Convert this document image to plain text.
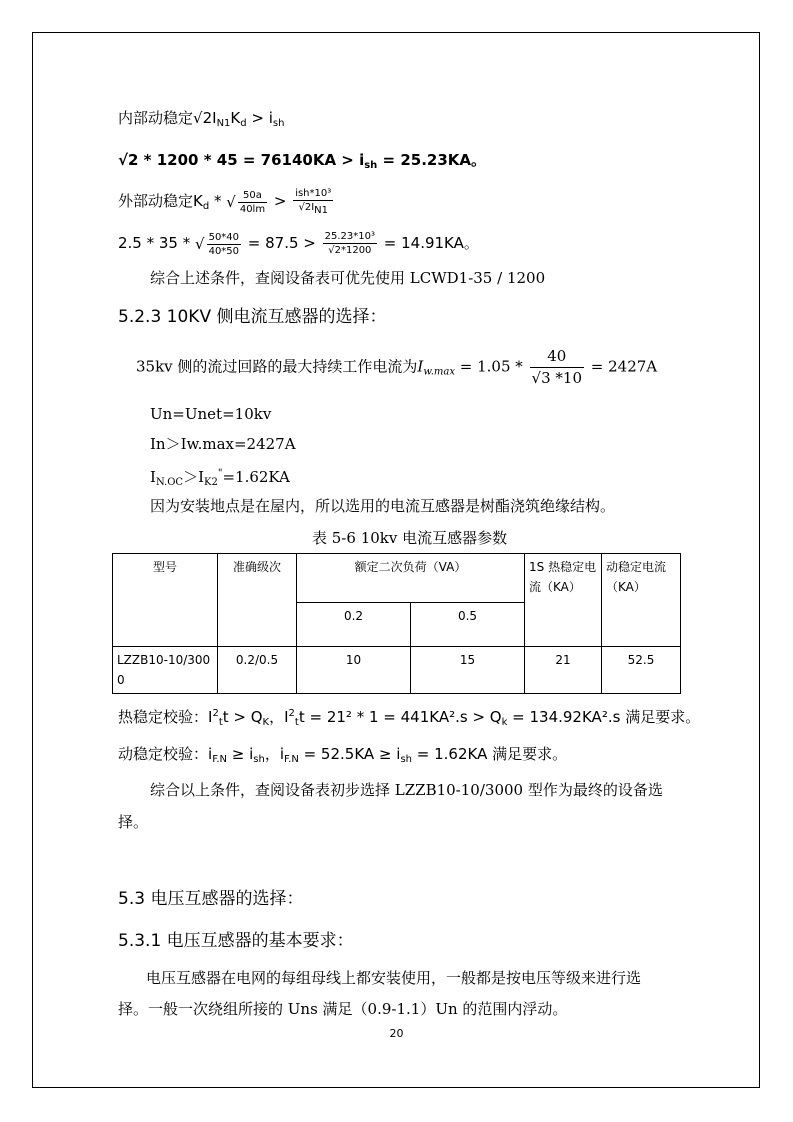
内部动稳定$√2I_{N1}K_d > i_{sh}$
$√2 * 1200 * 45 = 76140KA > i_{sh} = 25.23KA$。
外部动稳定$K_d$ * √ $\frac{50a}{40lm} > \frac{\text{ish*10³}}{√2I_{N1}}$
2.5 * 35 * √ $\frac{50*40}{40*50} = 87.5 > \frac{\text{25.23*10³}}{√2*1200} = 14.91KA$。
综合上述条件，查阅设备表可优先使用 LCWD1-35 / 1200
5.2.3 10KV 侧电流互感器的选择：
35kv 侧的流过回路的最大持续工作电流为$I_{w.max} = 1.05 * \frac{40}{√3 *10} = 2427A$
Un=Unet=10kv
In＞Iw.max=2427A
$I_{N.OC}>I_{K2}^"=1.62KA$
因为安装地点是在屋内，所以选用的电流互感器是树酯浇筑绝缘结构。
表 5-6 10kv 电流互感器参数
型号	准确级次	额定二次负荷（VA）		1S 热稳定电流（KA）	动稳定电流（KA）
		0.2	0.5		
LZZB10-10/3000	0.2/0.5	10	15	21	52.5
热稳定校验：$I^2_tt > Q_K$，$I^2_tt = 21^2 * 1 = 441KA^2.s > Q_k = 134.92KA^2.s$ 满足要求。
动稳定校验：$i_{F.N} \ge i_{sh}$，$i_{F.N} = 52.5KA \ge i_{sh} = 1.62KA$ 满足要求。
综合以上条件，查阅设备表初步选择 LZZB10-10/3000 型作为最终的设备选
择。
5.3 电压互感器的选择：
5.3.1 电压互感器的基本要求：
电压互感器在电网的每组母线上都安装使用，一般都是按电压等级来进行选
择。一般一次绕组所接的 Uns 满足（0.9-1.1）Un 的范围内浮动。
20
